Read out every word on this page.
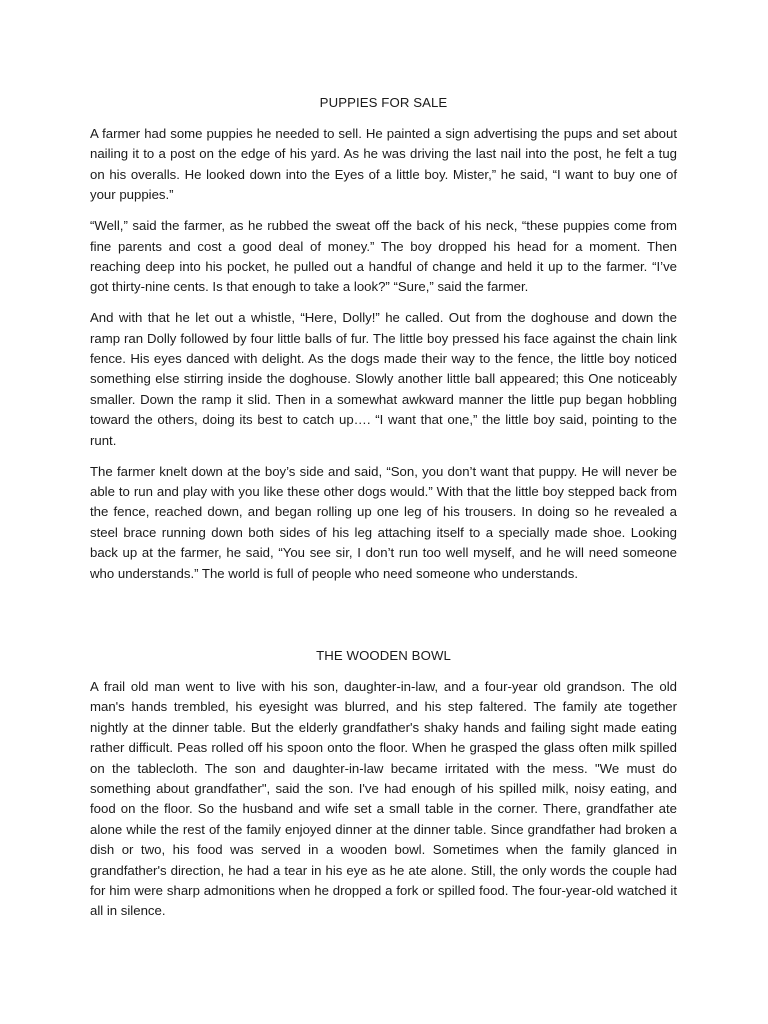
PUPPIES FOR SALE

A farmer had some puppies he needed to sell. He painted a sign advertising the pups and set about nailing it to a post on the edge of his yard. As he was driving the last nail into the post, he felt a tug on his overalls. He looked down into the Eyes of a little boy. Mister,” he said, “I want to buy one of your puppies.”

“Well,” said the farmer, as he rubbed the sweat off the back of his neck, “these puppies come from fine parents and cost a good deal of money.” The boy dropped his head for a moment. Then reaching deep into his pocket, he pulled out a handful of change and held it up to the farmer. “I’ve got thirty-nine cents. Is that enough to take a look?” “Sure,” said the farmer.

And with that he let out a whistle, “Here, Dolly!” he called. Out from the doghouse and down the ramp ran Dolly followed by four little balls of fur. The little boy pressed his face against the chain link fence. His eyes danced with delight. As the dogs made their way to the fence, the little boy noticed something else stirring inside the doghouse. Slowly another little ball appeared; this One noticeably smaller. Down the ramp it slid. Then in a somewhat awkward manner the little pup began hobbling toward the others, doing its best to catch up…. “I want that one,” the little boy said, pointing to the runt.

The farmer knelt down at the boy’s side and said, “Son, you don’t want that puppy. He will never be able to run and play with you like these other dogs would.” With that the little boy stepped back from the fence, reached down, and began rolling up one leg of his trousers. In doing so he revealed a steel brace running down both sides of his leg attaching itself to a specially made shoe. Looking back up at the farmer, he said, “You see sir, I don’t run too well myself, and he will need someone who understands.” The world is full of people who need someone who understands.

THE WOODEN BOWL

A frail old man went to live with his son, daughter-in-law, and a four-year old grandson. The old man's hands trembled, his eyesight was blurred, and his step faltered. The family ate together nightly at the dinner table. But the elderly grandfather's shaky hands and failing sight made eating rather difficult. Peas rolled off his spoon onto the floor. When he grasped the glass often milk spilled on the tablecloth. The son and daughter-in-law became irritated with the mess. "We must do something about grandfather", said the son. I've had enough of his spilled milk, noisy eating, and food on the floor. So the husband and wife set a small table in the corner. There, grandfather ate alone while the rest of the family enjoyed dinner at the dinner table. Since grandfather had broken a dish or two, his food was served in a wooden bowl. Sometimes when the family glanced in grandfather's direction, he had a tear in his eye as he ate alone. Still, the only words the couple had for him were sharp admonitions when he dropped a fork or spilled food. The four-year-old watched it all in silence.
